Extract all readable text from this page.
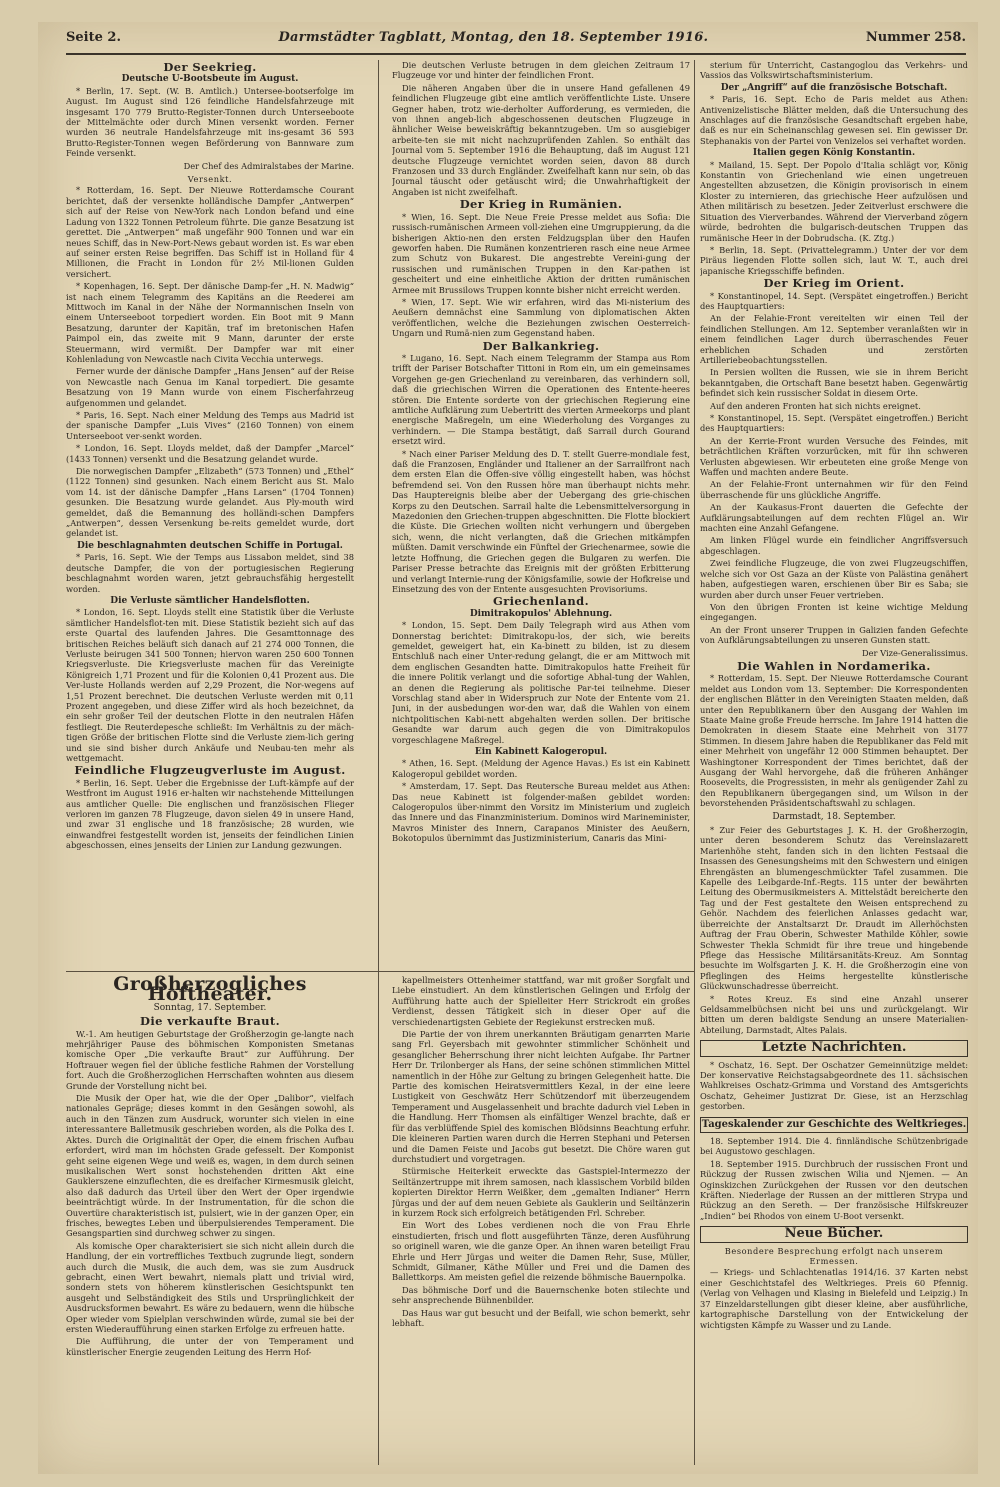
Seite 2.	Darmstädter Tagblatt, Montag, den 18. September 1916.	Nummer 258.
Der Seekrieg.
Deutsche U-Bootsbeute im August.

* Berlin, 17. Sept. (W. B. Amtlich.) Untersee-bootserfolge im August. Im August sind 126 feindliche Handelsfahrzeuge mit insgesamt 170 779 Brutto-Register-Tonnen durch Unterseeboote der Mittelmächte oder durch Minen versenkt worden. Ferner wurden 36 neutrale Handelsfahrzeuge mit ins-gesamt 36 593 Brutto-Register-Tonnen wegen Beförderung von Bannware zum Feinde versenkt.

Der Chef des Admiralstabes der Marine.
Versenkt.

* Rotterdam, 16. Sept. Der Nieuwe Rotterdamsche Courant berichtet, daß der versenkte holländische Dampfer „Antwerpen“ sich auf der Reise von New-York nach London befand und eine Ladung von 1322 Tonnen Petroleum führte. Die ganze Besatzung ist gerettet. Die „Antwerpen“ maß ungefähr 900 Tonnen und war ein neues Schiff, das in New-Port-News gebaut worden ist. Es war eben auf seiner ersten Reise begriffen. Das Schiff ist in Holland für 4 Millionen, die Fracht in London für 2½ Mil-lionen Gulden versichert.

* Kopenhagen, 16. Sept. Der dänische Damp-fer „H. N. Madwig“ ist nach einem Telegramm des Kapitäns an die Reederei am Mittwoch im Kanal in der Nähe der Normannischen Inseln von einem Unterseeboot torpediert worden. Ein Boot mit 9 Mann Besatzung, darunter der Kapitän, traf im bretonischen Hafen Paimpol ein, das zweite mit 9 Mann, darunter der erste Steuermann, wird vermißt. Der Dampfer war mit einer Kohlenladung von Newcastle nach Civita Vecchia unterwegs.

Ferner wurde der dänische Dampfer „Hans Jensen“ auf der Reise von Newcastle nach Genua im Kanal torpediert. Die gesamte Besatzung von 19 Mann wurde von einem Fischerfahrzeug aufgenommen und gelandet.

* Paris, 16. Sept. Nach einer Meldung des Temps aus Madrid ist der spanische Dampfer „Luis Vives“ (2160 Tonnen) von einem Unterseeboot ver-senkt worden.

* London, 16. Sept. Lloyds meldet, daß der Dampfer „Marcel“ (1433 Tonnen) versenkt und die Besatzung gelandet wurde.

Die norwegischen Dampfer „Elizabeth“ (573 Tonnen) und „Ethel“ (1122 Tonnen) sind gesunken. Nach einem Bericht aus St. Malo vom 14. ist der dänische Dampfer „Hans Larsen“ (1704 Tonnen) gesunken. Die Besatzung wurde gelandet. Aus Ply-mouth wird gemeldet, daß die Bemannung des holländi-schen Dampfers „Antwerpen“, dessen Versenkung be-reits gemeldet wurde, dort gelandet ist.

Die beschlagnahmten deutschen Schiffe in Portugal.

* Paris, 16. Sept. Wie der Temps aus Lissabon meldet, sind 38 deutsche Dampfer, die von der portugiesischen Regierung beschlagnahmt worden waren, jetzt gebrauchsfähig hergestellt worden.

Die Verluste sämtlicher Handelsflotten.

* London, 16. Sept. Lloyds stellt eine Statistik über die Verluste sämtlicher Handelsflot-ten mit. Diese Statistik bezieht sich auf das erste Quartal des laufenden Jahres. Die Gesamttonnage des britischen Reiches beläuft sich danach auf 21 274 000 Tonnen, die Verluste beirugen 341 500 Tonnen; hiervon waren 250 600 Tonnen Kriegsverluste. Die Kriegsverluste machen für das Vereinigte Königreich 1,71 Prozent und für die Kolonien 0,41 Prozent aus. Die Ver-luste Hollands werden auf 2,29 Prozent, die Nor-wegens auf 1,51 Prozent berechnet. Die deutschen Verluste werden mit 0,11 Prozent angegeben, und diese Ziffer wird als hoch bezeichnet, da ein sehr großer Teil der deutschen Flotte in den neutralen Häfen festliegt. Die Reuterdepesche schließt: Im Verhältnis zu der mäch-tigen Größe der britischen Flotte sind die Verluste ziem-lich gering und sie sind bisher durch Ankäufe und Neubau-ten mehr als wettgemacht.

Feindliche Flugzeugverluste im August.

* Berlin, 16. Sept. Ueber die Ergebnisse der Luft-kämpfe auf der Westfront im August 1916 er-halten wir nachstehende Mitteilungen aus amtlicher Quelle: Die englischen und französischen Flieger verloren im ganzen 78 Flugzeuge, davon sielen 49 in unsere Hand, und zwar 31 englische und 18 französische; 28 wurden, wie einwandfrei festgestellt worden ist, jenseits der feindlichen Linien abgeschossen, eines jenseits der Linien zur Landung gezwungen.

Die deutschen Verluste betrugen in dem gleichen Zeitraum 17 Flugzeuge vor und hinter der feindlichen Front.

Die näheren Angaben über die in unsere Hand gefallenen 49 feindlichen Flugzeuge gibt eine amtlich veröffentlichte Liste. Unsere Gegner haben, trotz wie-derholter Aufforderung, es vermieden, die von ihnen angeb-lich abgeschossenen deutschen Flugzeuge in ähnlicher Weise beweiskräftig bekanntzugeben. Um so ausgiebiger arbeite-ten sie mit nicht nachzuprüfenden Zahlen. So enthält das Journal vom 5. September 1916 die Behauptung, daß im August 121 deutsche Flugzeuge vernichtet worden seien, davon 88 durch Franzosen und 33 durch Engländer. Zweifelhaft kann nur sein, ob das Journal täuscht oder getäuscht wird; die Unwahrhaftigkeit der Angaben ist nicht zweifelhaft.

Der Krieg in Rumänien.

* Wien, 16. Sept. Die Neue Freie Presse meldet aus Sofia: Die russisch-rumänischen Armeen voll-ziehen eine Umgruppierung, da die bisherigen Aktio-nen den ersten Feldzugsplan über den Haufen geworfen haben. Die Rumänen konzentrieren rasch eine neue Armee zum Schutz von Bukarest. Die angestrebte Vereini-gung der russischen und rumänischen Truppen in den Kar-pathen ist gescheitert und eine einheitliche Aktion der dritten rumänischen Armee mit Brussilows Truppen konnte bisher nicht erreicht werden.

* Wien, 17. Sept. Wie wir erfahren, wird das Mi-nisterium des Aeußern demnächst eine Sammlung von diplomatischen Akten veröffentlichen, welche die Beziehungen zwischen Oesterreich-Ungarn und Rumä-nien zum Gegenstand haben.

Der Balkankrieg.

* Lugano, 16. Sept. Nach einem Telegramm der Stampa aus Rom trifft der Pariser Botschafter Tittoni in Rom ein, um ein gemeinsames Vorgehen ge-gen Griechenland zu vereinbaren, das verhindern soll, daß die griechischen Wirren die Operationen des Entente-heeres stören. Die Entente sorderte von der griechischen Regierung eine amtliche Aufklärung zum Uebertritt des vierten Armeekorps und plant energische Maßregeln, um eine Wiederholung des Vorganges zu verhindern. — Die Stampa bestätigt, daß Sarrail durch Gourand ersetzt wird.

* Nach einer Pariser Meldung des D. T. stellt Guerre-mondiale fest, daß die Franzosen, Engländer und Italiener an der Sarrailfront nach dem ersten Elan die Offen-sive völlig eingestellt haben, was höchst befremdend sei. Von den Russen höre man überhaupt nichts mehr. Das Hauptereignis bleibe aber der Uebergang des grie-chischen Korps zu den Deutschen. Sarrail halte die Lebensmittelversorgung in Mazedonien den Griechen-truppen abgeschnitten. Die Flotte blockiert die Küste. Die Griechen wollten nicht verhungern und übergeben sich, wenn, die nicht verlangten, daß die Griechen mitkämpfen müßten. Damit verschwinde ein Fünftel der Griechenarmee, sowie die letzte Hoffnung, die Griechen gegen die Bulgaren zu werfen. Die Pariser Presse betrachte das Ereignis mit der größten Erbitterung und verlangt Internie-rung der Königsfamilie, sowie der Hofkreise und Einsetzung des von der Entente ausgesuchten Provisoriums.

Griechenland.
Dimitrakopulos' Ablehnung.

* London, 15. Sept. Dem Daily Telegraph wird aus Athen vom Donnerstag berichtet: Dimitrakopu-los, der sich, wie bereits gemeldet, geweigert hat, ein Ka-binett zu bilden, ist zu diesem Entschluß nach einer Unter-redung gelangt, die er am Mittwoch mit dem englischen Gesandten hatte. Dimitrakopulos hatte Freiheit für die innere Politik verlangt und die sofortige Abhal-tung der Wahlen, an denen die Regierung als politische Par-tei teilnehme. Dieser Vorschlag stand aber in Widerspruch zur Note der Entente vom 21. Juni, in der ausbedungen wor-den war, daß die Wahlen von einem nichtpolitischen Kabi-nett abgehalten werden sollen. Der britische Gesandte war darum auch gegen die von Dimitrakopulos vorgeschlagene Maßregel.

Ein Kabinett Kalogeropul.

* Athen, 16. Sept. (Meldung der Agence Havas.) Es ist ein Kabinett Kalogeropul gebildet worden.

* Amsterdam, 17. Sept. Das Reutersche Bureau meldet aus Athen: Das neue Kabinett ist folgender-maßen gebildet worden: Calogeropulos über-nimmt den Vorsitz im Ministerium und zugleich das Innere und das Finanzministerium. Dominos wird Marineminister, Mavros Minister des Innern, Carapanos Minister des Aeußern, Bokotopulos übernimmt das Justizministerium, Canaris das Mini-

sterium für Unterricht, Castangoglou das Verkehrs- und Vassios das Volkswirtschaftsministerium.

Der „Angriff“ auf die französische Botschaft.

* Paris, 16. Sept. Echo de Paris meldet aus Athen: Antivenizelistische Blätter melden, daß die Untersuchung des Anschlages auf die französische Gesandtschaft ergeben habe, daß es nur ein Scheinanschlag gewesen sei. Ein gewisser Dr. Stephanakis von der Partei von Venizelos sei verhaftet worden.

Italien gegen König Konstantin.

* Mailand, 15. Sept. Der Popolo d'Italia schlägt vor, König Konstantin von Griechenland wie einen ungetreuen Angestellten abzusetzen, die Königin provisorisch in einem Kloster zu internieren, das griechische Heer aufzulösen und Athen militärisch zu besetzen. Jeder Zeitverlust erschwere die Situation des Vierverbandes. Während der Vierverband zögern würde, bedrohten die bulgarisch-deutschen Truppen das rumänische Heer in der Dobrudscha. (K. Ztg.)

* Berlin, 18. Sept. (Privattelegramm.) Unter der vor dem Piräus liegenden Flotte sollen sich, laut W. T., auch drei japanische Kriegsschiffe befinden.

Der Krieg im Orient.

* Konstantinopel, 14. Sept. (Verspätet eingetroffen.) Bericht des Hauptquartiers:

An der Felahie-Front vereitelten wir einen Teil der feindlichen Stellungen. Am 12. September veranlaßten wir in einem feindlichen Lager durch überraschendes Feuer erheblichen Schaden und zerstörten Artilleriebeobachtungsstellen.

In Persien wollten die Russen, wie sie in ihrem Bericht bekanntgaben, die Ortschaft Bane besetzt haben. Gegenwärtig befindet sich kein russischer Soldat in diesem Orte.

Auf den anderen Fronten hat sich nichts ereignet.

* Konstantinopel, 15. Sept. (Verspätet eingetroffen.) Bericht des Hauptquartiers:

An der Kerrie-Front wurden Versuche des Feindes, mit beträchtlichen Kräften vorzurücken, mit für ihn schweren Verlusten abgewiesen. Wir erbeuteten eine große Menge von Waffen und machten andere Beute.

An der Felahie-Front unternahmen wir für den Feind überraschende für uns glückliche Angriffe.

An der Kaukasus-Front dauerten die Gefechte der Aufklärungsabteilungen auf dem rechten Flügel an. Wir machten eine Anzahl Gefangene.

Am linken Flügel wurde ein feindlicher Angriffsversuch abgeschlagen.

Zwei feindliche Flugzeuge, die von zwei Flugzeugschiffen, welche sich vor Ost Gaza an der Küste von Palästina genähert haben, aufgestiegen waren, erschienen über Bir es Saba; sie wurden aber durch unser Feuer vertrieben.

Von den übrigen Fronten ist keine wichtige Meldung eingegangen.

An der Front unserer Truppen in Galizien fanden Gefechte von Aufklärungsabteilungen zu unseren Gunsten statt.

Der Vize-Generalissimus.
Die Wahlen in Nordamerika.

* Rotterdam, 15. Sept. Der Nieuwe Rotterdamsche Courant meldet aus London vom 13. September: Die Korrespondenten der englischen Blätter in den Vereinigten Staaten melden, daß unter den Republikanern über den Ausgang der Wahlen im Staate Maine große Freude herrsche. Im Jahre 1914 hatten die Demokraten in diesem Staate eine Mehrheit von 3177 Stimmen. In diesem Jahre haben die Republikaner das Feld mit einer Mehrheit von ungefähr 12 000 Stimmen behauptet. Der Washingtoner Korrespondent der Times berichtet, daß der Ausgang der Wahl hervorgehe, daß die früheren Anhänger Roosevelts, die Progressisten, in mehr als genügender Zahl zu den Republikanern übergegangen sind, um Wilson in der bevorstehenden Präsidentschaftswahl zu schlagen.

Darmstadt, 18. September.

* Zur Feier des Geburtstages J. K. H. der Großherzogin, unter deren besonderem Schutz das Vereinslazarett Marienhöhe steht, fanden sich in den lichten Festsaal die Insassen des Genesungsheims mit den Schwestern und einigen Ehrengästen an blumengeschmückter Tafel zusammen. Die Kapelle des Leibgarde-Inf.-Regts. 115 unter der bewährten Leitung des Obermusikmeisters A. Mittelstädt bereicherte den Tag und der Fest gestaltete den Weisen entsprechend zu Gehör. Nachdem des feierlichen Anlasses gedacht war, überreichte der Anstaltsarzt Dr. Draudt im Allerhöchsten Auftrag der Frau Oberin, Schwester Mathilde Köhler, sowie Schwester Thekla Schmidt für ihre treue und hingebende Pflege das Hessische Militärsanitäts-Kreuz. Am Sonntag besuchte im Wolfsgarten J. K. H. die Großherzogin eine von Pfleglingen des Heims hergestellte künstlerische Glückwunschadresse überreicht.

* Rotes Kreuz. Es sind eine Anzahl unserer Geldsammelbüchsen nicht bei uns und zurückgelangt. Wir bitten um deren baldigste Sendung an unsere Materialien-Abteilung, Darmstadt, Altes Palais.

Letzte Nachrichten.

* Oschatz, 16. Sept. Der Oschatzer Gemeinnützige meldet: Der konservative Reichstagsabgeordnete des 11. sächsischen Wahlkreises Oschatz-Grimma und Vorstand des Amtsgerichts Oschatz, Geheimer Justizrat Dr. Giese, ist an Herzschlag gestorben.

Tageskalender zur Geschichte des Weltkrieges.

18. September 1914. Die 4. finnländische Schützenbrigade bei Augustowo geschlagen.

18. September 1915. Durchbruch der russischen Front und Rückzug der Russen zwischen Wilia und Njemen. — An Oginskizchen Zurückgehen der Russen vor den deutschen Kräften. Niederlage der Russen an der mittleren Strypa und Rückzug an den Sereth. — Der französische Hilfskreuzer „Indien“ bei Rhodos von einem U-Boot versenkt.

Neue Bücher.
Besondere Besprechung erfolgt nach unserem Ermessen.

— Kriegs- und Schlachtenatlas 1914/16. 37 Karten nebst einer Geschichtstafel des Weltkrieges. Preis 60 Pfennig. (Verlag von Velhagen und Klasing in Bielefeld und Leipzig.) In 37 Einzeldarstellungen gibt dieser kleine, aber ausführliche, kartographische Darstellung von der Entwickelung der wichtigsten Kämpfe zu Wasser und zu Lande.

Großherzogliches Hoftheater.
Sonntag, 17. September.
Die verkaufte Braut.

W.-1. Am heutigen Geburtstage der Großherzogin ge-langte nach mehrjähriger Pause des böhmischen Komponisten Smetanas komische Oper „Die verkaufte Braut“ zur Aufführung. Der Hoftrauer wegen fiel der übliche festliche Rahmen der Vorstellung fort. Auch die Großherzoglichen Herrschaften wohnten aus diesem Grunde der Vorstellung nicht bei.

Die Musik der Oper hat, wie die der Oper „Dalibor“, vielfach nationales Gepräge; dieses kommt in den Gesängen sowohl, als auch in den Tänzen zum Ausdruck, worunter sich vielen in eine interessantere Balletmusik geschrieben worden, als die Polka des I. Aktes. Durch die Originalität der Oper, die einem frischen Aufbau erfordert, wird man im höchsten Grade gefesselt. Der Komponist geht seine eigenen Wege und weiß es, wagen, in dem durch seinen musikalischen Wert sonst hochstehenden dritten Akt eine Gauklerszene einzuflechten, die es dreifacher Kirmesmusik gleicht, also daß dadurch das Urteil über den Wert der Oper irgendwie beeinträchtigt würde. In der Instrumentation, für die schon die Ouvertüre charakteristisch ist, pulsiert, wie in der ganzen Oper, ein frisches, bewegtes Leben und überpulsierendes Temperament. Die Gesangspartien sind durchweg schwer zu singen.

Als komische Oper charakterisiert sie sich nicht allein durch die Handlung, der ein vortreffliches Textbuch zugrunde liegt, sondern auch durch die Musik, die auch dem, was sie zum Ausdruck gebracht, einen Wert bewahrt, niemals platt und trivial wird, sondern stets von höherem künstlerischen Gesichtspunkt ten ausgeht und Selbständigkeit des Stils und Ursprünglichkeit der Ausdrucksformen bewahrt. Es wäre zu bedauern, wenn die hübsche Oper wieder vom Spielplan verschwinden würde, zumal sie bei der ersten Wiederaufführung einen starken Erfolge zu erfreuen hatte.

Die Aufführung, die unter der von Temperament und künstlerischer Energie zeugenden Leitung des Herrn Hof-

kapellmeisters Ottenheimer stattfand, war mit großer Sorgfalt und Liebe einstudiert. An dem künstlerischen Gelingen und Erfolg der Aufführung hatte auch der Spielleiter Herr Strickrodt ein großes Verdienst, dessen Tätigkeit sich in dieser Oper auf die verschiedenartigsten Gebiete der Regiekunst erstrecken muß.

Die Partie der von ihrem unerkannten Bräutigam genarrten Marie sang Frl. Geyersbach mit gewohnter stimmlicher Schönheit und gesanglicher Beherrschung ihrer nicht leichten Aufgabe. Ihr Partner Herr Dr. Trilonberger als Hans, der seine schönen stimmlichen Mittel namentlich in der Höhe zur Geltung zu bringen Gelegenheit hatte. Die Partie des komischen Heiratsvermittlers Kezal, in der eine leere Lustigkeit von Geschwätz Herr Schützendorf mit überzeugendem Temperament und Ausgelassenheit und brachte dadurch viel Leben in die Handlung. Herr Thomsen als einfältiger Wenzel brachte, daß er für das verblüffende Spiel des komischen Blödsinns Beachtung erfuhr. Die kleineren Partien waren durch die Herren Stephani und Petersen und die Damen Feiste und Jacobs gut besetzt. Die Chöre waren gut durchstudiert und vorgetragen.

Stürmische Heiterkeit erweckte das Gastspiel-Intermezzo der Seiltänzertruppe mit ihrem samosen, nach klassischem Vorbild bilden kopierten Direktor Herrn Weißker, dem „gemalten Indianer“ Herrn Jürgas und der auf dem neuen Gebiete als Gauklerin und Seiltänzerin in kurzem Rock sich erfolgreich betätigenden Frl. Schreber.

Ein Wort des Lobes verdienen noch die von Frau Ehrle einstudierten, frisch und flott ausgeführten Tänze, deren Ausführung so originell waren, wie die ganze Oper. An ihnen waren beteiligt Frau Ehrle und Herr Jürgas und weiter die Damen Rehr, Suse, Müller, Schmidt, Gilmaner, Käthe Müller und Frei und die Damen des Ballettkorps. Am meisten gefiel die reizende böhmische Bauernpolka.

Das böhmische Dorf und die Bauernschenke boten stilechte und sehr ansprechende Bühnenbilder.

Das Haus war gut besucht und der Beifall, wie schon bemerkt, sehr lebhaft.
